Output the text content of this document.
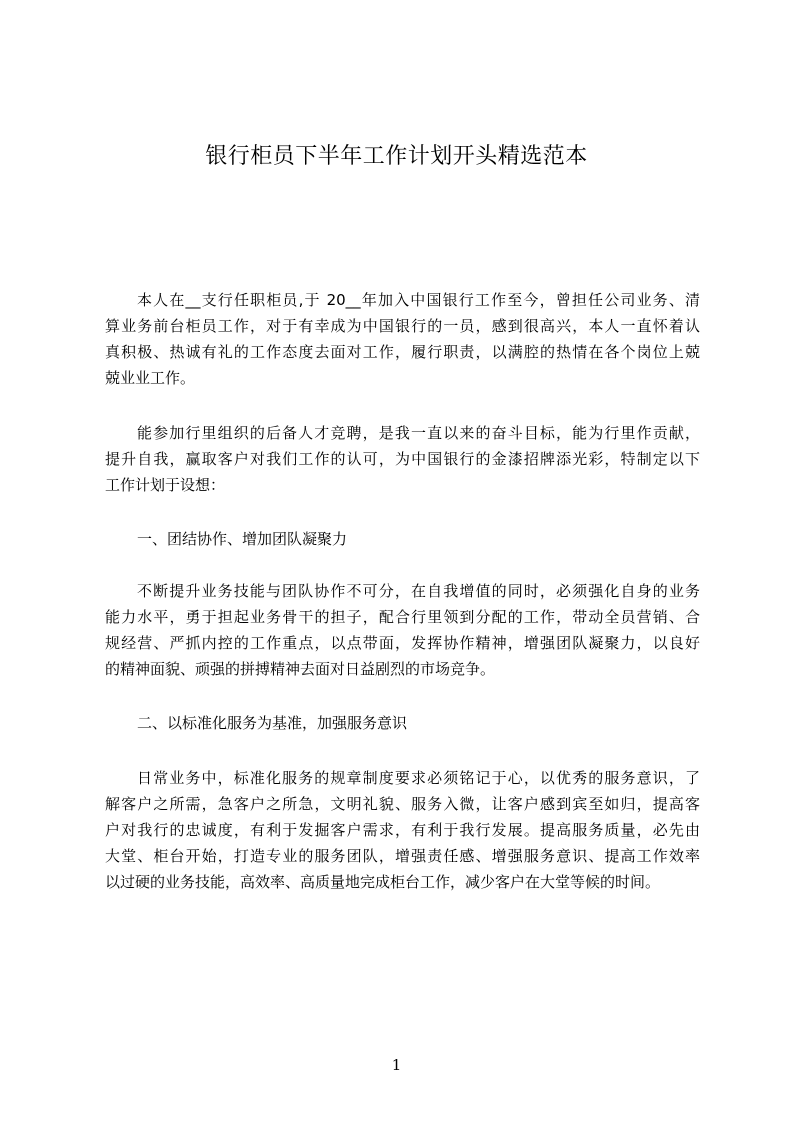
银行柜员下半年工作计划开头精选范本
本人在__支行任职柜员,于 20__年加入中国银行工作至今，曾担任公司业务、清
算业务前台柜员工作，对于有幸成为中国银行的一员，感到很高兴，本人一直怀着认
真积极、热诚有礼的工作态度去面对工作，履行职责，以满腔的热情在各个岗位上兢
兢业业工作。
能参加行里组织的后备人才竞聘，是我一直以来的奋斗目标，能为行里作贡献，
提升自我，赢取客户对我们工作的认可，为中国银行的金漆招牌添光彩，特制定以下
工作计划于设想：
一、团结协作、增加团队凝聚力
不断提升业务技能与团队协作不可分，在自我增值的同时，必须强化自身的业务
能力水平，勇于担起业务骨干的担子，配合行里领到分配的工作，带动全员营销、合
规经营、严抓内控的工作重点，以点带面，发挥协作精神，增强团队凝聚力，以良好
的精神面貌、顽强的拼搏精神去面对日益剧烈的市场竞争。
二、以标准化服务为基准，加强服务意识
日常业务中，标准化服务的规章制度要求必须铭记于心，以优秀的服务意识，了
解客户之所需，急客户之所急，文明礼貌、服务入微，让客户感到宾至如归，提高客
户对我行的忠诚度，有利于发掘客户需求，有利于我行发展。提高服务质量，必先由
大堂、柜台开始，打造专业的服务团队，增强责任感、增强服务意识、提高工作效率
以过硬的业务技能，高效率、高质量地完成柜台工作，减少客户在大堂等候的时间。
1
